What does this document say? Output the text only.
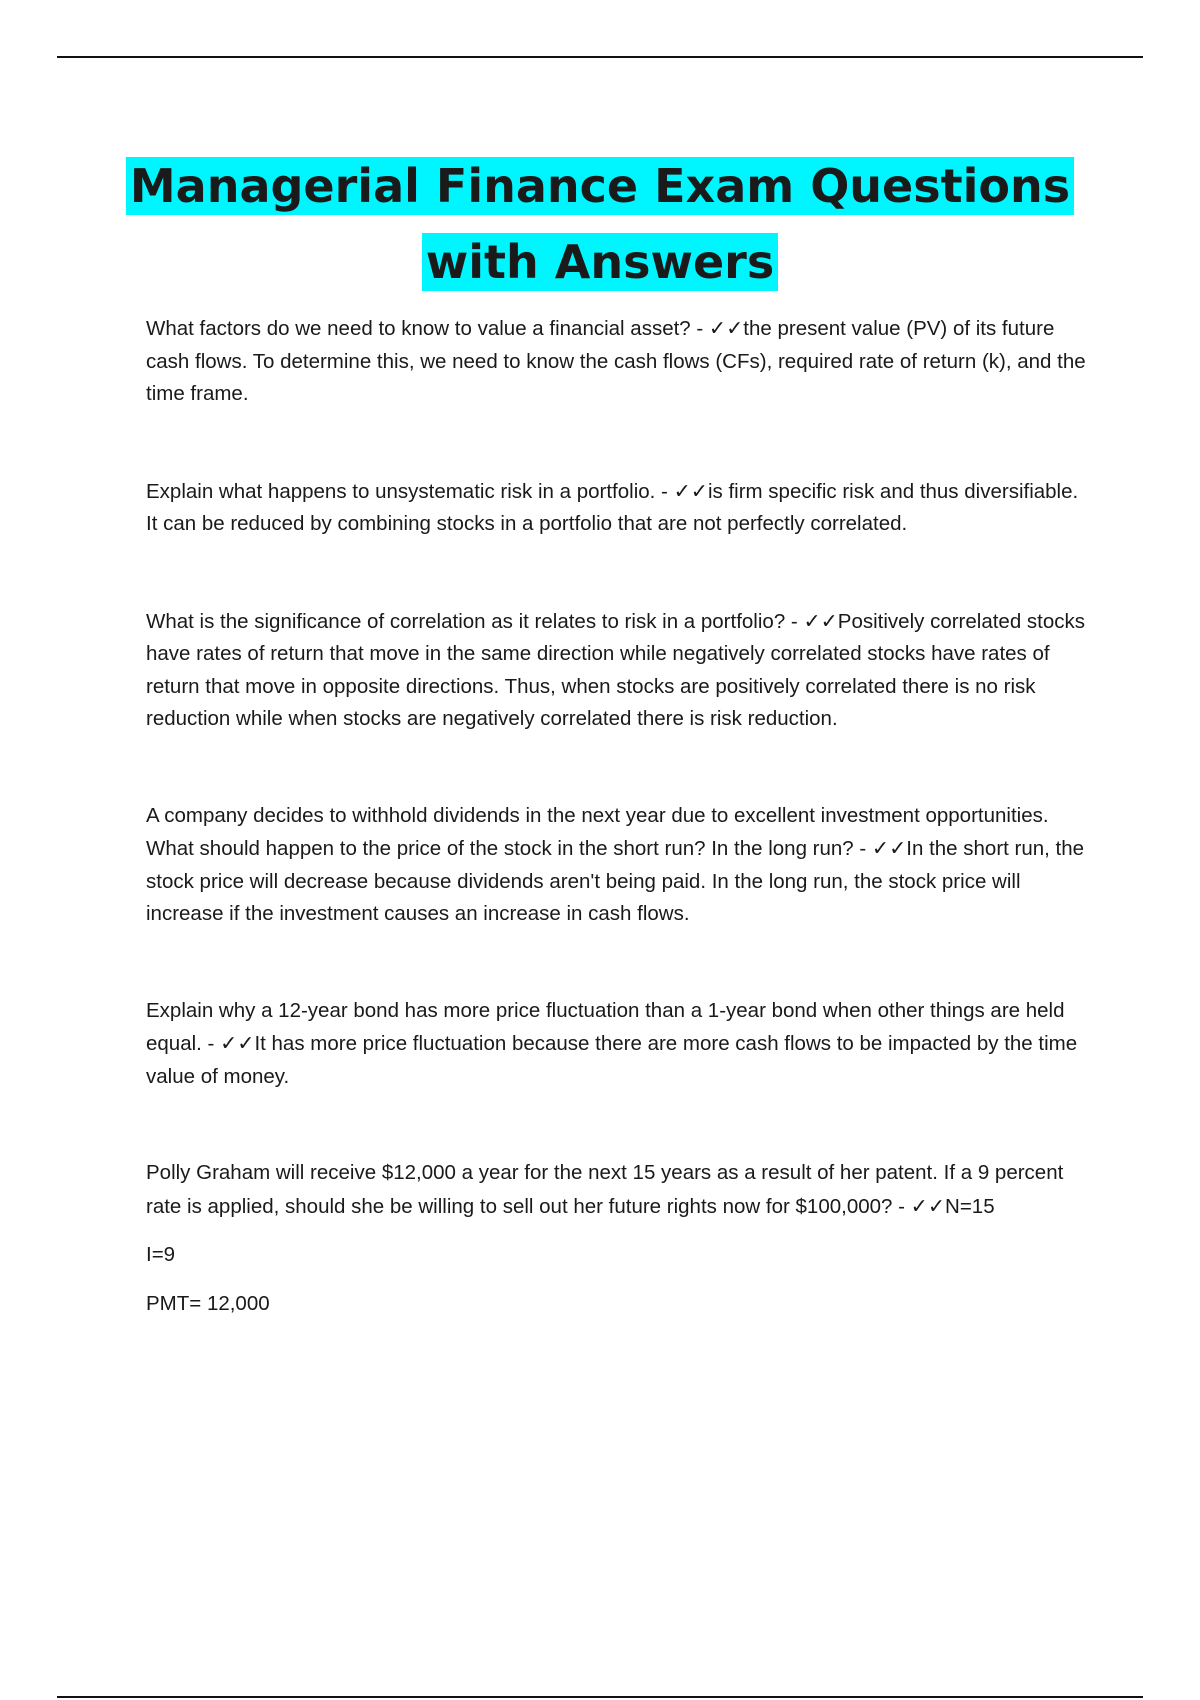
Managerial Finance Exam Questions
with Answers

What factors do we need to know to value a financial asset? - ✓✓the present value (PV) of its future cash flows. To determine this, we need to know the cash flows (CFs), required rate of return (k), and the time frame.

Explain what happens to unsystematic risk in a portfolio. - ✓✓is firm specific risk and thus diversifiable. It can be reduced by combining stocks in a portfolio that are not perfectly correlated.

What is the significance of correlation as it relates to risk in a portfolio? - ✓✓Positively correlated stocks have rates of return that move in the same direction while negatively correlated stocks have rates of return that move in opposite directions. Thus, when stocks are positively correlated there is no risk reduction while when stocks are negatively correlated there is risk reduction.

A company decides to withhold dividends in the next year due to excellent investment opportunities. What should happen to the price of the stock in the short run? In the long run? - ✓✓In the short run, the stock price will decrease because dividends aren't being paid. In the long run, the stock price will increase if the investment causes an increase in cash flows.

Explain why a 12-year bond has more price fluctuation than a 1-year bond when other things are held equal. - ✓✓It has more price fluctuation because there are more cash flows to be impacted by the time value of money.

Polly Graham will receive $12,000 a year for the next 15 years as a result of her patent. If a 9 percent rate is applied, should she be willing to sell out her future rights now for $100,000? - ✓✓N=15

I=9

PMT= 12,000
